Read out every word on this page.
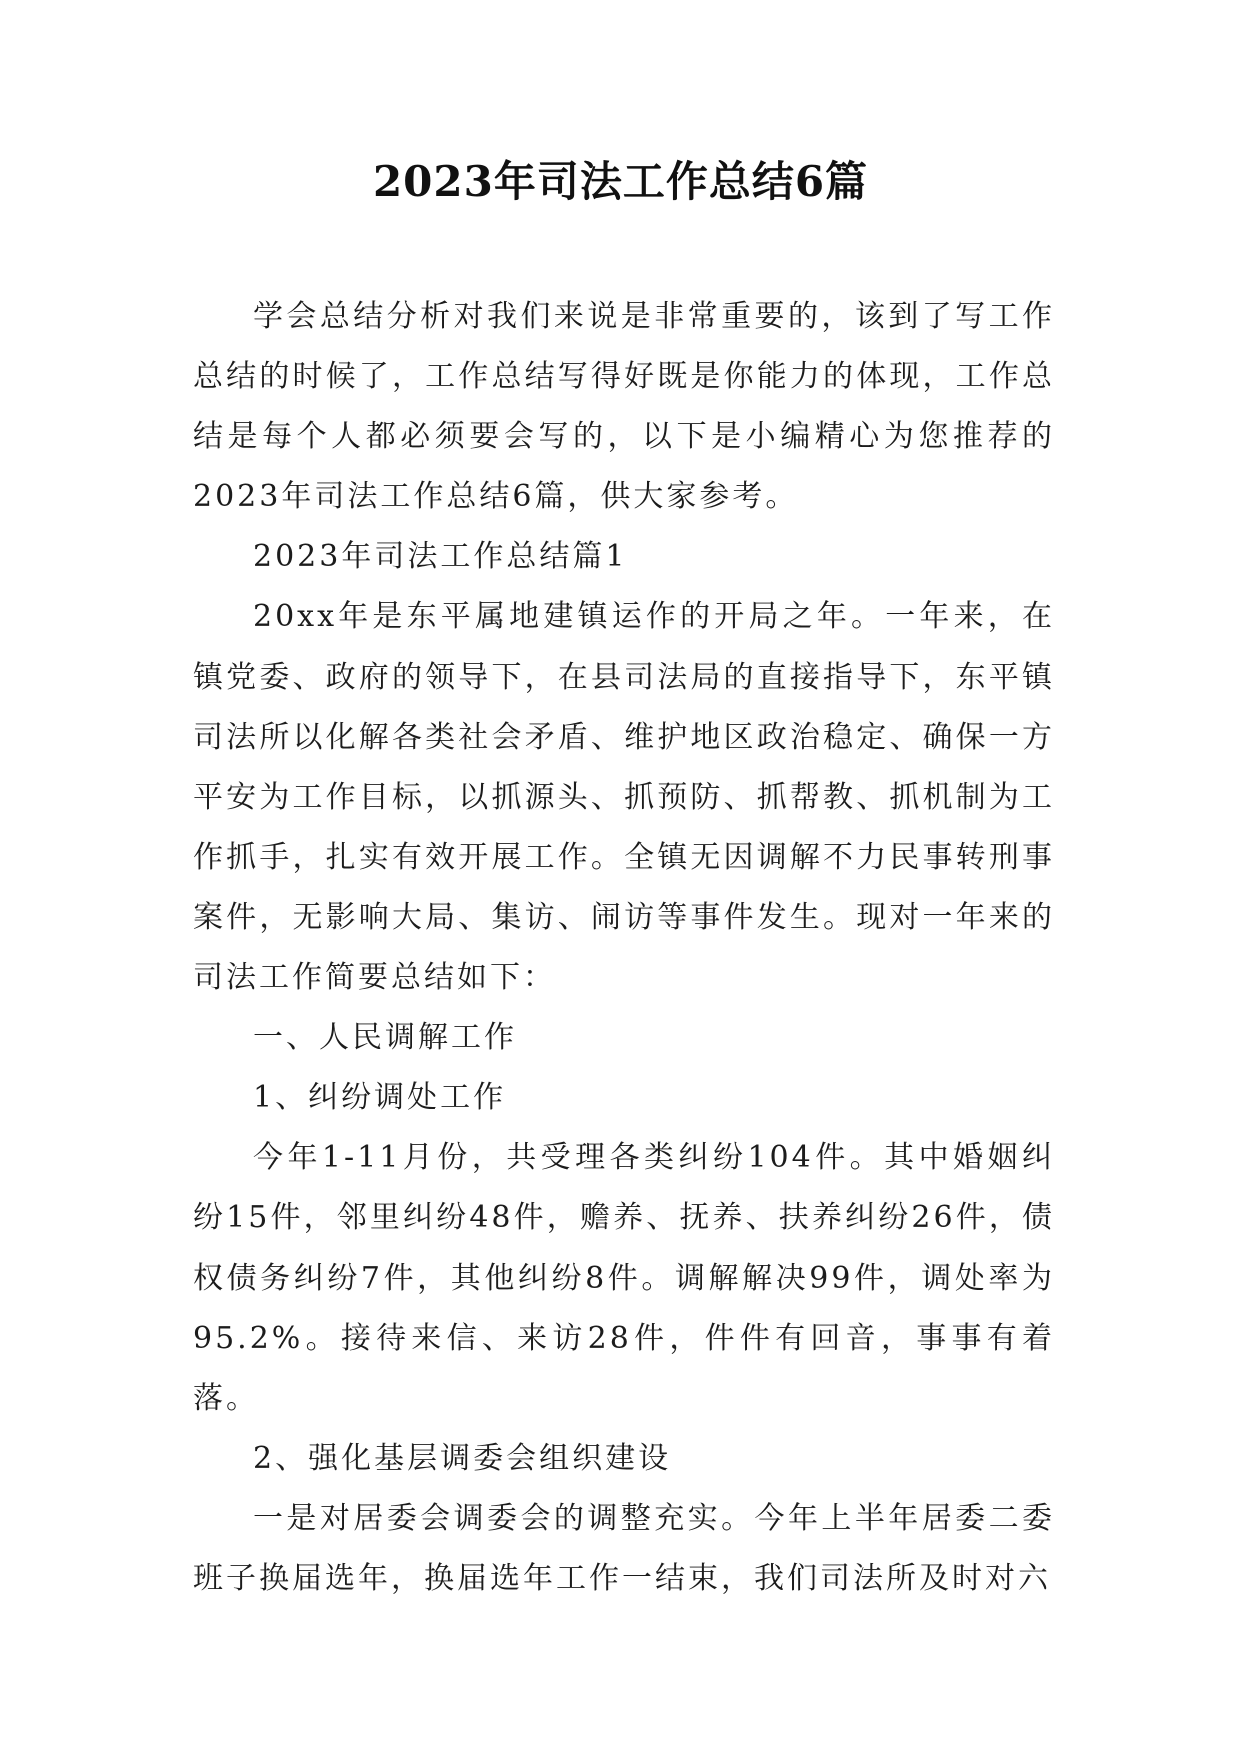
2023年司法工作总结6篇

学会总结分析对我们来说是非常重要的，该到了写工作总结的时候了，工作总结写得好既是你能力的体现，工作总结是每个人都必须要会写的，以下是小编精心为您推荐的2023年司法工作总结6篇，供大家参考。

2023年司法工作总结篇1

20xx年是东平属地建镇运作的开局之年。一年来，在镇党委、政府的领导下，在县司法局的直接指导下，东平镇司法所以化解各类社会矛盾、维护地区政治稳定、确保一方平安为工作目标，以抓源头、抓预防、抓帮教、抓机制为工作抓手，扎实有效开展工作。全镇无因调解不力民事转刑事案件，无影响大局、集访、闹访等事件发生。现对一年来的司法工作简要总结如下：

一、人民调解工作

1、纠纷调处工作

今年1-11月份，共受理各类纠纷104件。其中婚姻纠纷15件，邻里纠纷48件，赡养、抚养、扶养纠纷26件，债权债务纠纷7件，其他纠纷8件。调解解决99件，调处率为95.2%。接待来信、来访28件，件件有回音，事事有着落。

2、强化基层调委会组织建设

一是对居委会调委会的调整充实。今年上半年居委二委班子换届选年，换届选年工作一结束，我们司法所及时对六
